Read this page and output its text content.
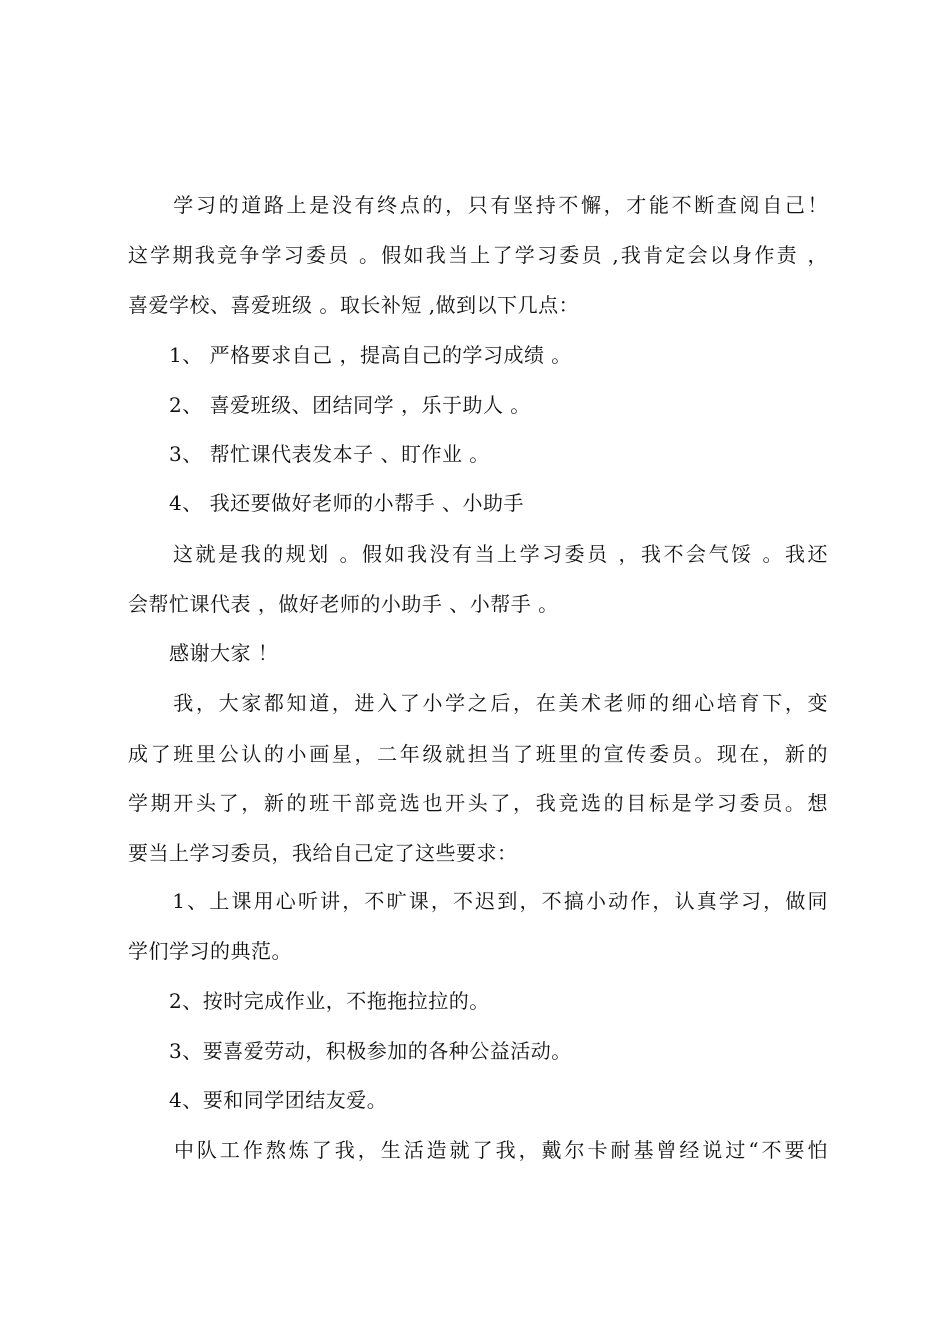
　　学习的道路上是没有终点的，只有坚持不懈，才能不断查阅自己！
这学期我竞争学习委员 。假如我当上了学习委员 ,我肯定会以身作责 ，
喜爱学校、喜爱班级 。取长补短 ,做到以下几点：
　　1、 严格要求自己 ，提高自己的学习成绩 。
　　2、 喜爱班级、团结同学 ，乐于助人 。
　　3、 帮忙课代表发本子 、盯作业 。
　　4、 我还要做好老师的小帮手 、小助手
　　这就是我的规划 。假如我没有当上学习委员 ，我不会气馁 。我还
会帮忙课代表 ，做好老师的小助手 、小帮手 。
　　感谢大家 ！
　　我，大家都知道，进入了小学之后，在美术老师的细心培育下，变
成了班里公认的小画星，二年级就担当了班里的宣传委员。现在，新的
学期开头了，新的班干部竞选也开头了，我竞选的目标是学习委员。想
要当上学习委员，我给自己定了这些要求：
　　1、上课用心听讲，不旷课，不迟到，不搞小动作，认真学习，做同
学们学习的典范。
　　2、按时完成作业，不拖拖拉拉的。
　　3、要喜爱劳动，积极参加的各种公益活动。
　　4、要和同学团结友爱。
　　中队工作熬炼了我，生活造就了我，戴尔卡耐基曾经说过“不要怕
